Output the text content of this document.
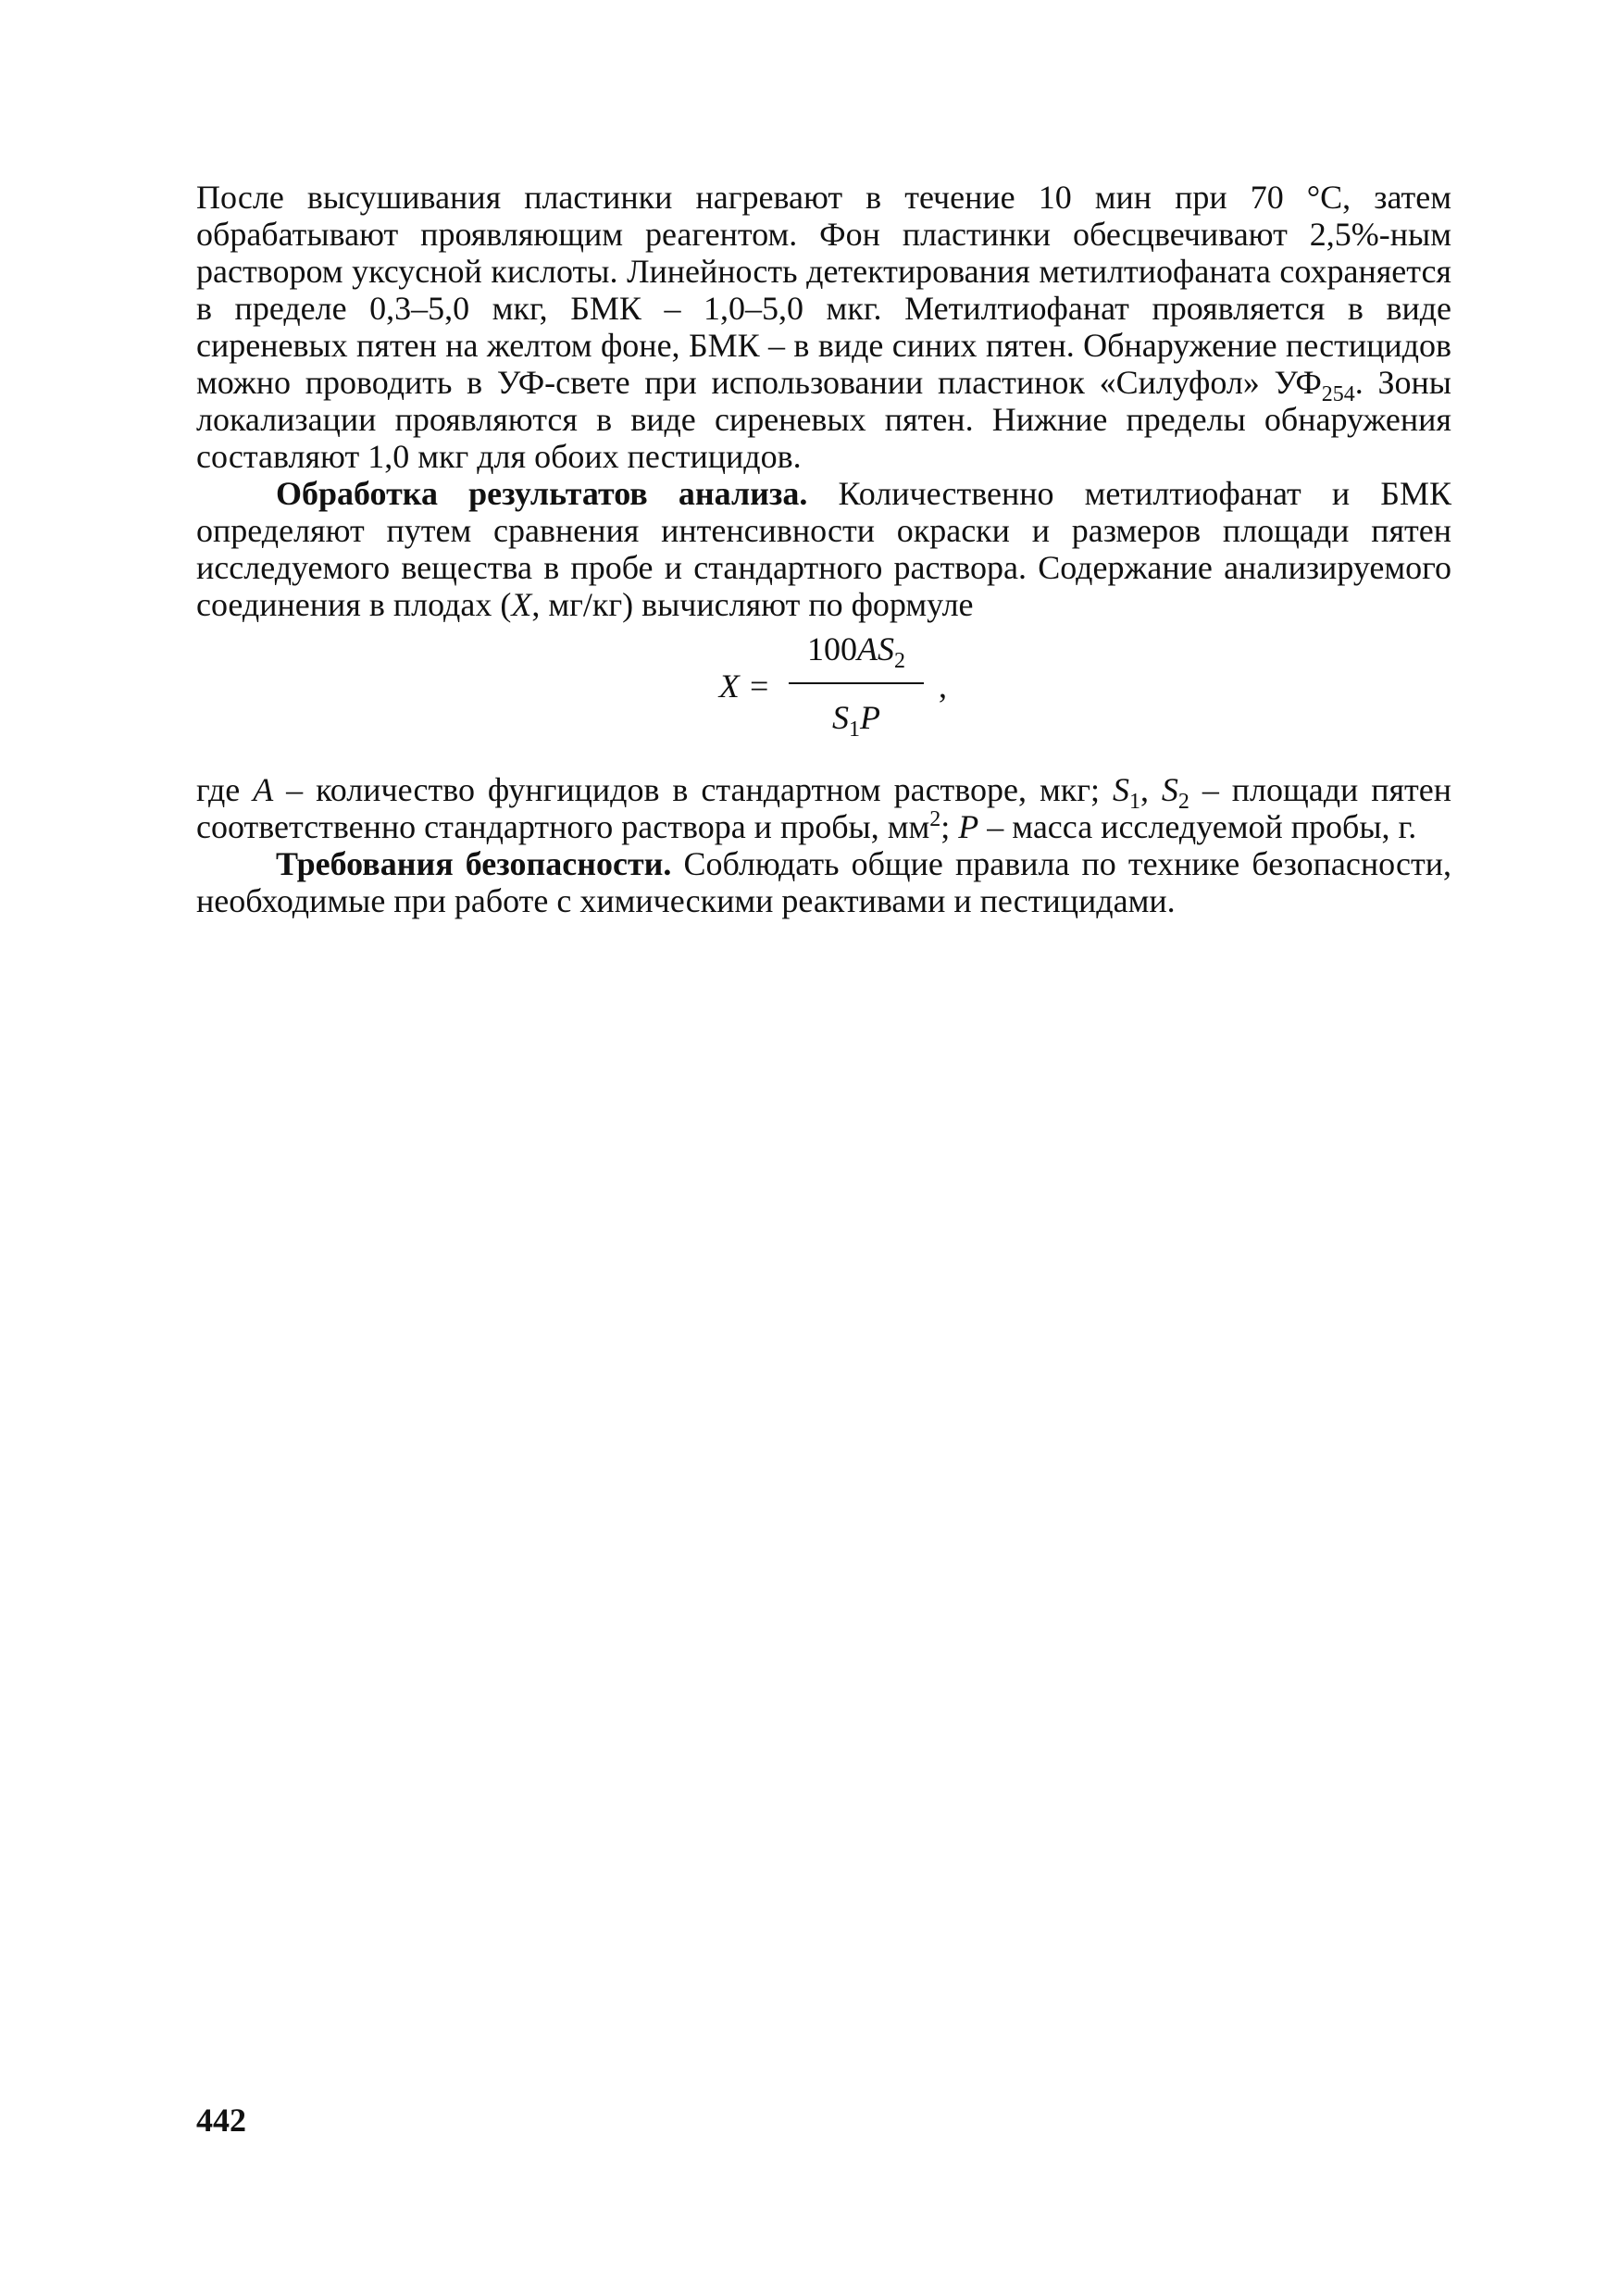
После высушивания пластинки нагревают в течение 10 мин при 70 °С, затем обрабатывают проявляющим реагентом. Фон пластинки обесцвечивают 2,5%-ным раствором уксусной кислоты. Линейность детектирования метилтиофаната сохраняется в пределе 0,3–5,0 мкг, БМК – 1,0–5,0 мкг. Метилтиофанат проявляется в виде сиреневых пятен на желтом фоне, БМК – в виде синих пятен. Обнаружение пестицидов можно проводить в УФ-свете при использовании пластинок «Силуфол» $УФ_{254}$. Зоны локализации проявляются в виде сиреневых пятен. Нижние пределы обнаружения составляют 1,0 мкг для обоих пестицидов.

Обработка результатов анализа. Количественно метилтиофанат и БМК определяют путем сравнения интенсивности окраски и размеров площади пятен исследуемого вещества в пробе и стандартного раствора. Содержание анализируемого соединения в плодах (X, мг/кг) вычисляют по формуле

X =
$100AS_2$
$S_1P$
,

где A – количество фунгицидов в стандартном растворе, мкг; $S_1$, $S_2$ – площади пятен соответственно стандартного раствора и пробы, $мм^2$; P – масса исследуемой пробы, г.

Требования безопасности. Соблюдать общие правила по технике безопасности, необходимые при работе с химическими реактивами и пестицидами.

442
